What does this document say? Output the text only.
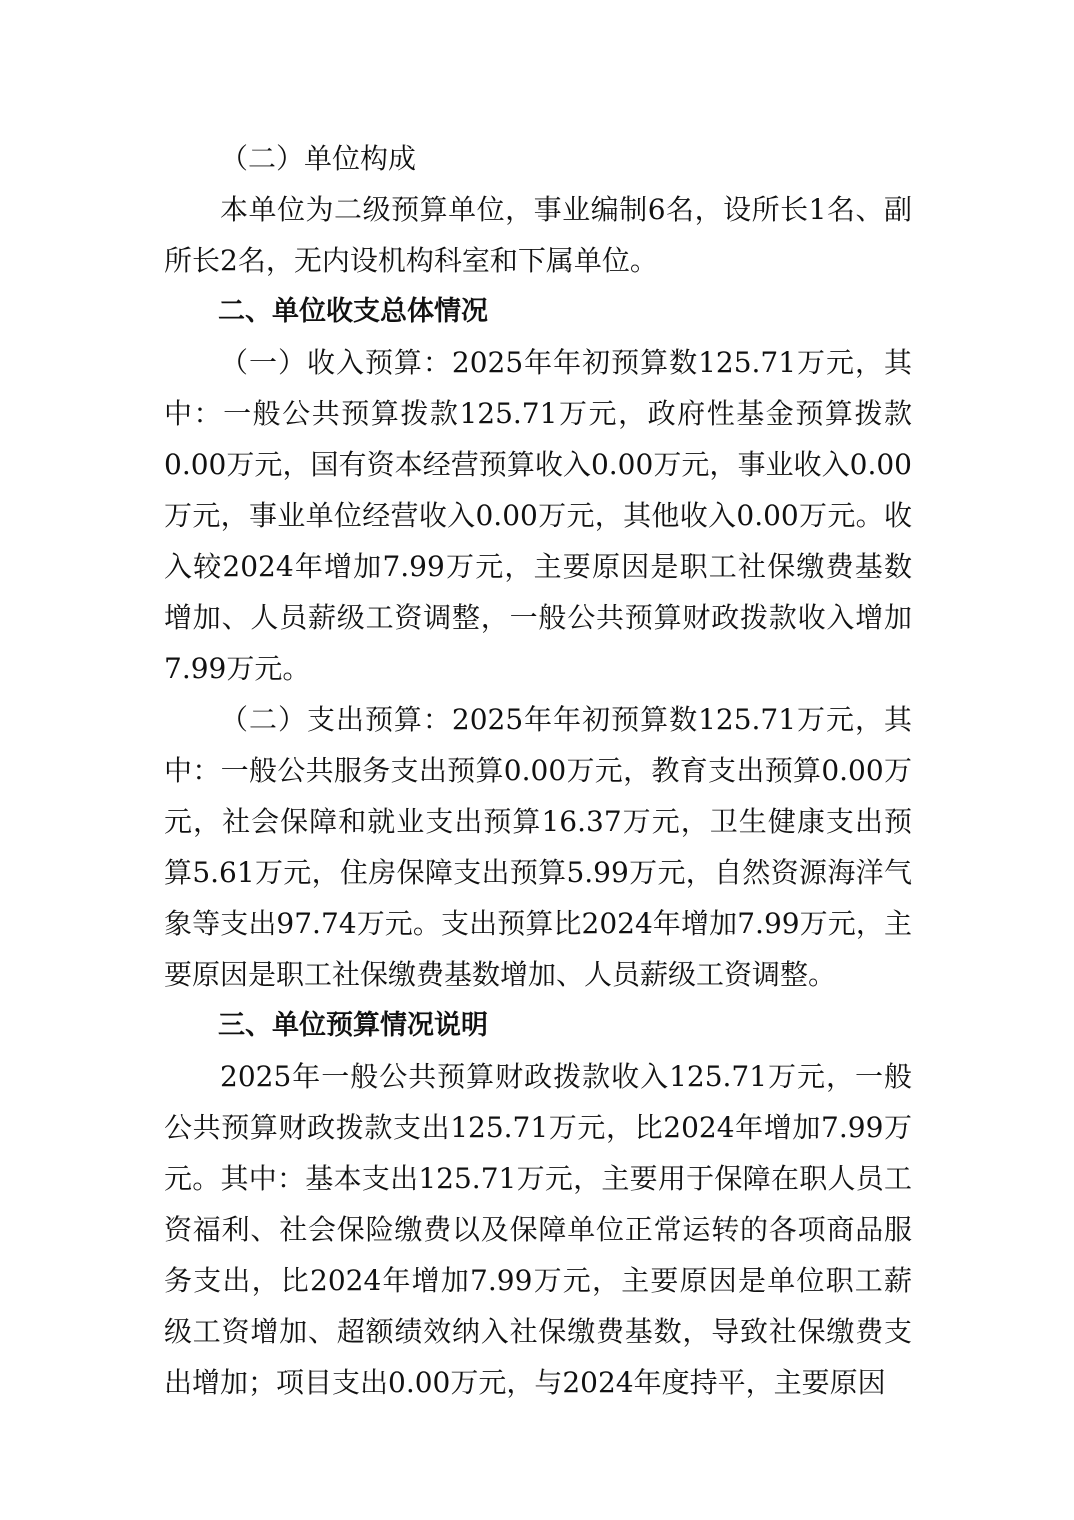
（二）单位构成

本单位为二级预算单位，事业编制6名，设所长1名、副所长2名，无内设机构科室和下属单位。

二、单位收支总体情况

（一）收入预算：2025年年初预算数125.71万元，其中：一般公共预算拨款125.71万元，政府性基金预算拨款0.00万元，国有资本经营预算收入0.00万元，事业收入0.00万元，事业单位经营收入0.00万元，其他收入0.00万元。收入较2024年增加7.99万元，主要原因是职工社保缴费基数增加、人员薪级工资调整，一般公共预算财政拨款收入增加7.99万元。

（二）支出预算：2025年年初预算数125.71万元，其中：一般公共服务支出预算0.00万元，教育支出预算0.00万元，社会保障和就业支出预算16.37万元，卫生健康支出预算5.61万元，住房保障支出预算5.99万元，自然资源海洋气象等支出97.74万元。支出预算比2024年增加7.99万元，主要原因是职工社保缴费基数增加、人员薪级工资调整。

三、单位预算情况说明

2025年一般公共预算财政拨款收入125.71万元，一般公共预算财政拨款支出125.71万元，比2024年增加7.99万元。其中：基本支出125.71万元，主要用于保障在职人员工资福利、社会保险缴费以及保障单位正常运转的各项商品服务支出，比2024年增加7.99万元，主要原因是单位职工薪级工资增加、超额绩效纳入社保缴费基数，导致社保缴费支出增加；项目支出0.00万元，与2024年度持平，主要原因
